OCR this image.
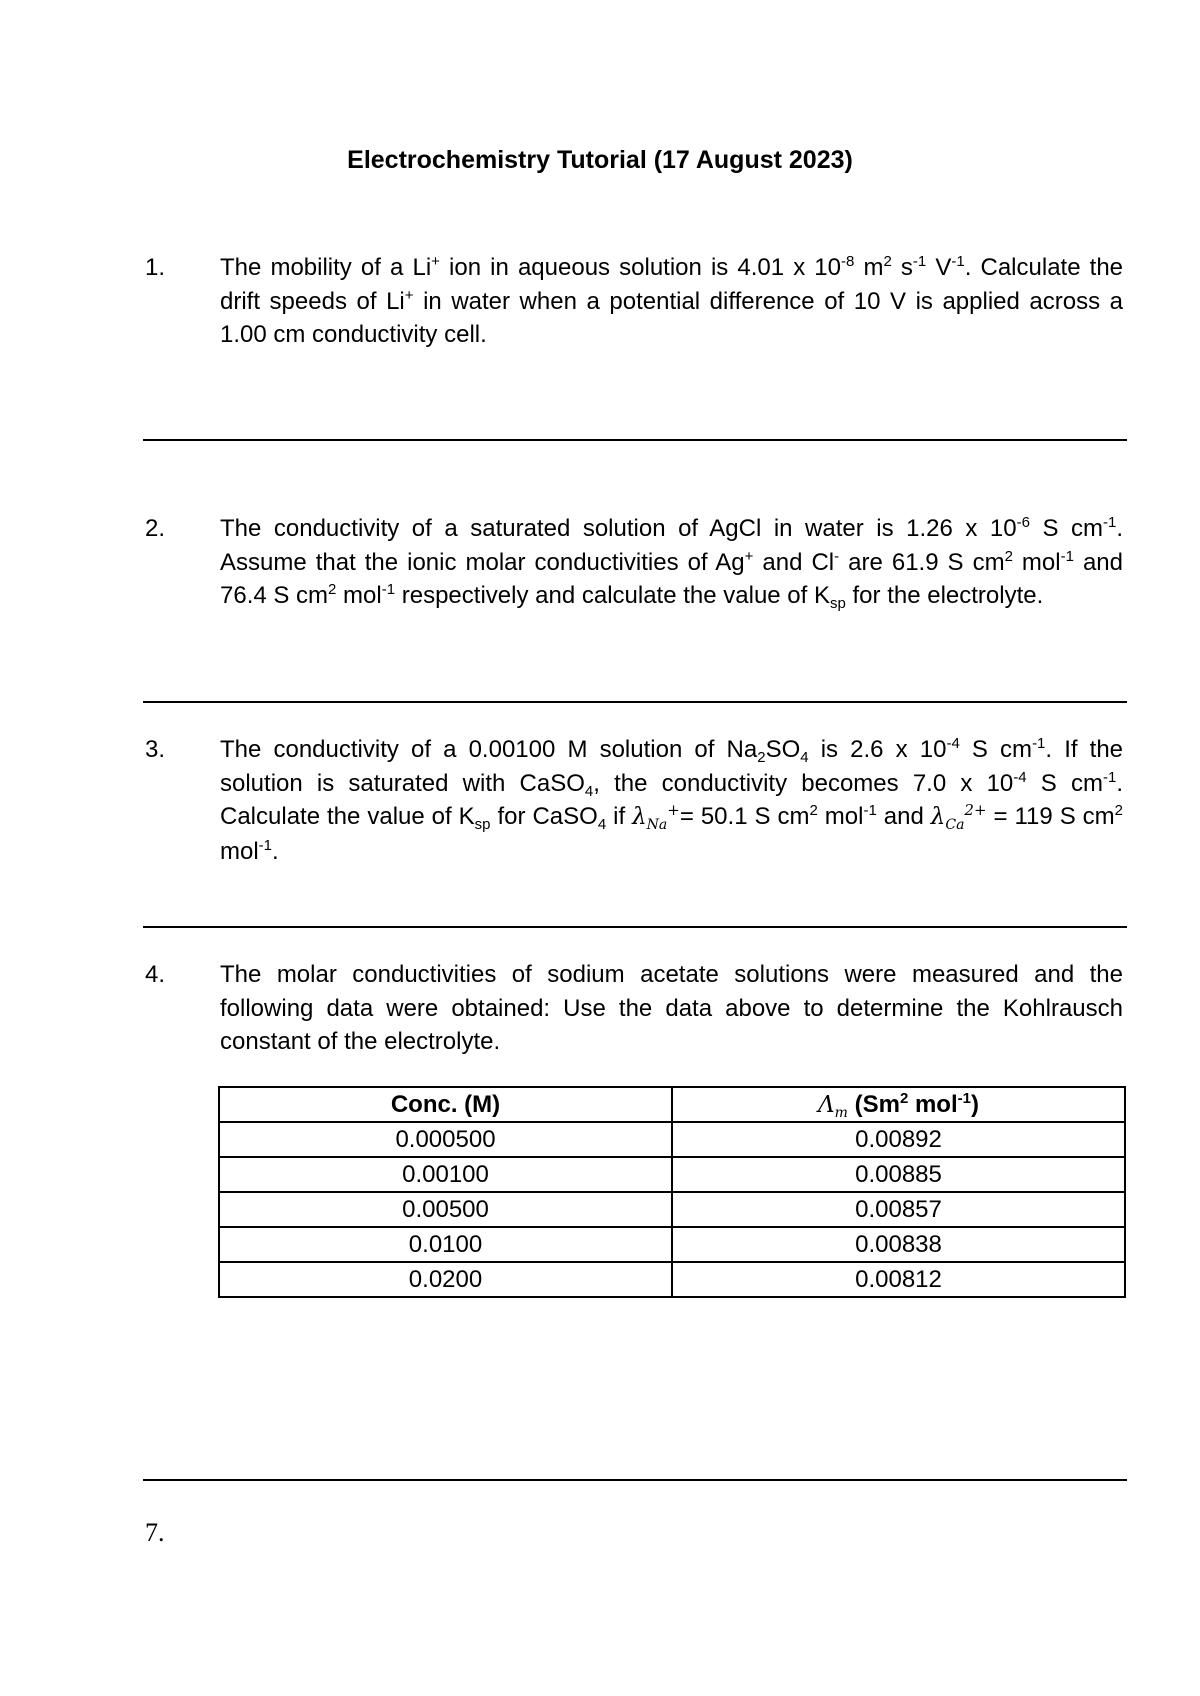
Electrochemistry Tutorial (17 August 2023)
1. The mobility of a Li+ ion in aqueous solution is 4.01 x $10^{-8}$ $m^2$ $s^{-1}$ $V^{-1}$. Calculate the drift speeds of Li+ in water when a potential difference of 10 V is applied across a 1.00 cm conductivity cell.
2. The conductivity of a saturated solution of AgCl in water is 1.26 x $10^{-6}$ S $cm^{-1}$. Assume that the ionic molar conductivities of Ag+ and Cl- are 61.9 S $cm^2$ mol$^{-1}$ and 76.4 S $cm^2$ mol$^{-1}$ respectively and calculate the value of $K_{sp}$ for the electrolyte.
3. The conductivity of a 0.00100 M solution of $Na_2SO_4$ is 2.6 x $10^{-4}$ S $cm^{-1}$. If the solution is saturated with CaSO$_4$, the conductivity becomes 7.0 x $10^{-4}$ S $cm^{-1}$. Calculate the value of $K_{sp}$ for CaSO$_4$ if $\lambda_{Na}^+= 50.1$ S $cm^2$ mol$^{-1}$ and $\lambda_{Ca}^{2+} = 119$ S $cm^2$ mol$^{-1}$.
4. The molar conductivities of sodium acetate solutions were measured and the following data were obtained: Use the data above to determine the Kohlrausch constant of the electrolyte.
Conc. (M)	$\Lambda_m$ (Sm$^2$ mol$^{-1}$)
0.000500	0.00892
0.00100	0.00885
0.00500	0.00857
0.0100	0.00838
0.0200	0.00812
7.
